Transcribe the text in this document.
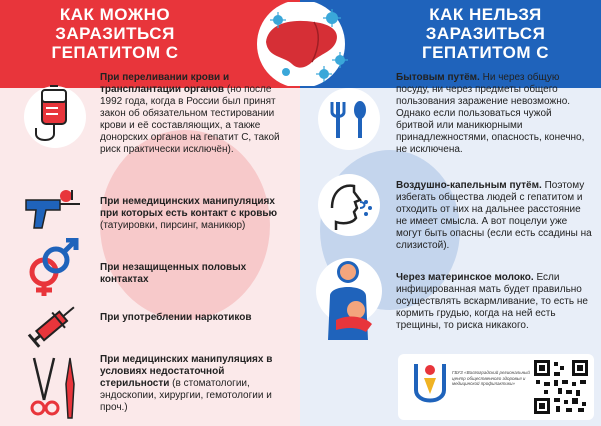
КАК МОЖНО
ЗАРАЗИТЬСЯ
ГЕПАТИТОМ С
КАК НЕЛЬЗЯ
ЗАРАЗИТЬСЯ
ГЕПАТИТОМ С
При переливании крови и трансплантации органов (но после 1992 года, когда в России был принят закон об обязательном тестировании крови и её составляющих, а также донорских органов на гепатит С, такой риск практически исключён).
При немедицинских манипуляциях при которых есть контакт с кровью (татуировки, пирсинг, маникюр)
При незащищенных половых контактах
При употреблении наркотиков
При медицинских манипуляциях в условиях недостаточной стерильности (в стоматологии, эндоскопии, хирургии, гемотологии и проч.)
Бытовым путём. Ни через общую посуду, ни через предметы общего пользования заражение невозможно. Однако если пользоваться чужой бритвой или маникюрными принадлежностями, опасность, конечно, не исключена.
Воздушно-капельным путём. Поэтому избегать общества людей с гепатитом и отходить от них на дальнее расстояние не имеет смысла. А вот поцелуи уже могут быть опасны (если есть ссадины на слизистой).
Через материнское молоко. Если инфицированная мать будет правильно осуществлять вскармливание, то есть не кормить грудью, когда на ней есть трещины, то риска никакого.
ГБУЗ «Волгоградский региональный центр общественного здоровья и медицинской профилактики»
